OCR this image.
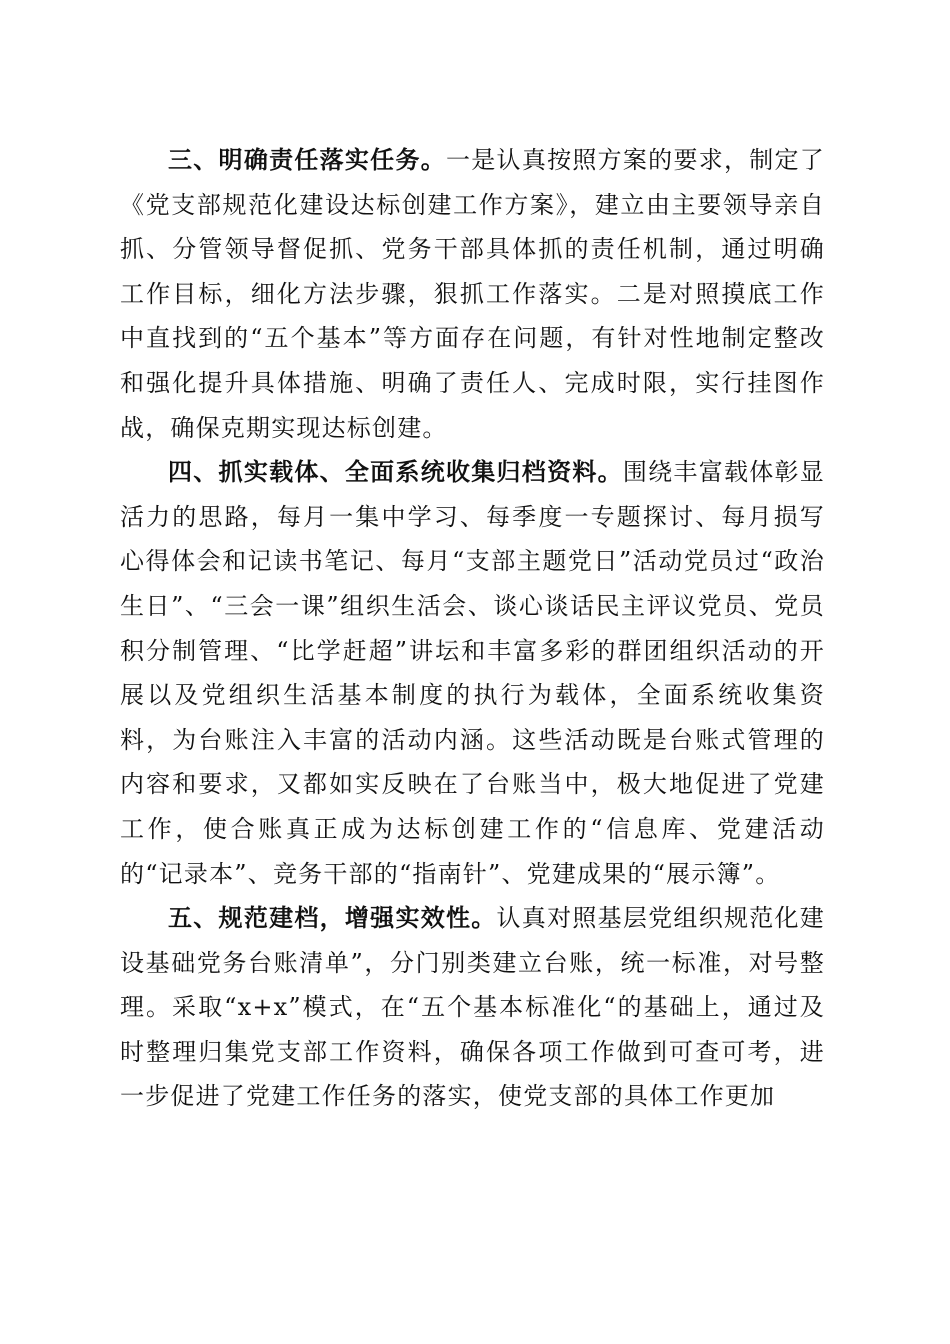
三、明确责任落实任务。一是认真按照方案的要求，制定了《党支部规范化建设达标创建工作方案》，建立由主要领导亲自抓、分管领导督促抓、党务干部具体抓的责任机制，通过明确工作目标，细化方法步骤，狠抓工作落实。二是对照摸底工作中直找到的“五个基本”等方面存在问题，有针对性地制定整改和强化提升具体措施、明确了责任人、完成时限，实行挂图作战，确保克期实现达标创建。

四、抓实载体、全面系统收集归档资料。围绕丰富载体彰显活力的思路，每月一集中学习、每季度一专题探讨、每月损写心得体会和记读书笔记、每月“支部主题党日”活动党员过“政治生日”、“三会一课”组织生活会、谈心谈话民主评议党员、党员积分制管理、“比学赶超”讲坛和丰富多彩的群团组织活动的开展以及党组织生活基本制度的执行为载体，全面系统收集资料，为台账注入丰富的活动内涵。这些活动既是台账式管理的内容和要求，又都如实反映在了台账当中，极大地促进了党建工作，使合账真正成为达标创建工作的“信息库、党建活动的“记录本”、竞务干部的“指南针”、党建成果的“展示簿”。

五、规范建档，增强实效性。认真对照基层党组织规范化建设基础党务台账清单”，分门别类建立台账，统一标准，对号整理。采取“x+x”模式，在“五个基本标准化“的基础上，通过及时整理归集党支部工作资料，确保各项工作做到可查可考，进一步促进了党建工作任务的落实，使党支部的具体工作更加
